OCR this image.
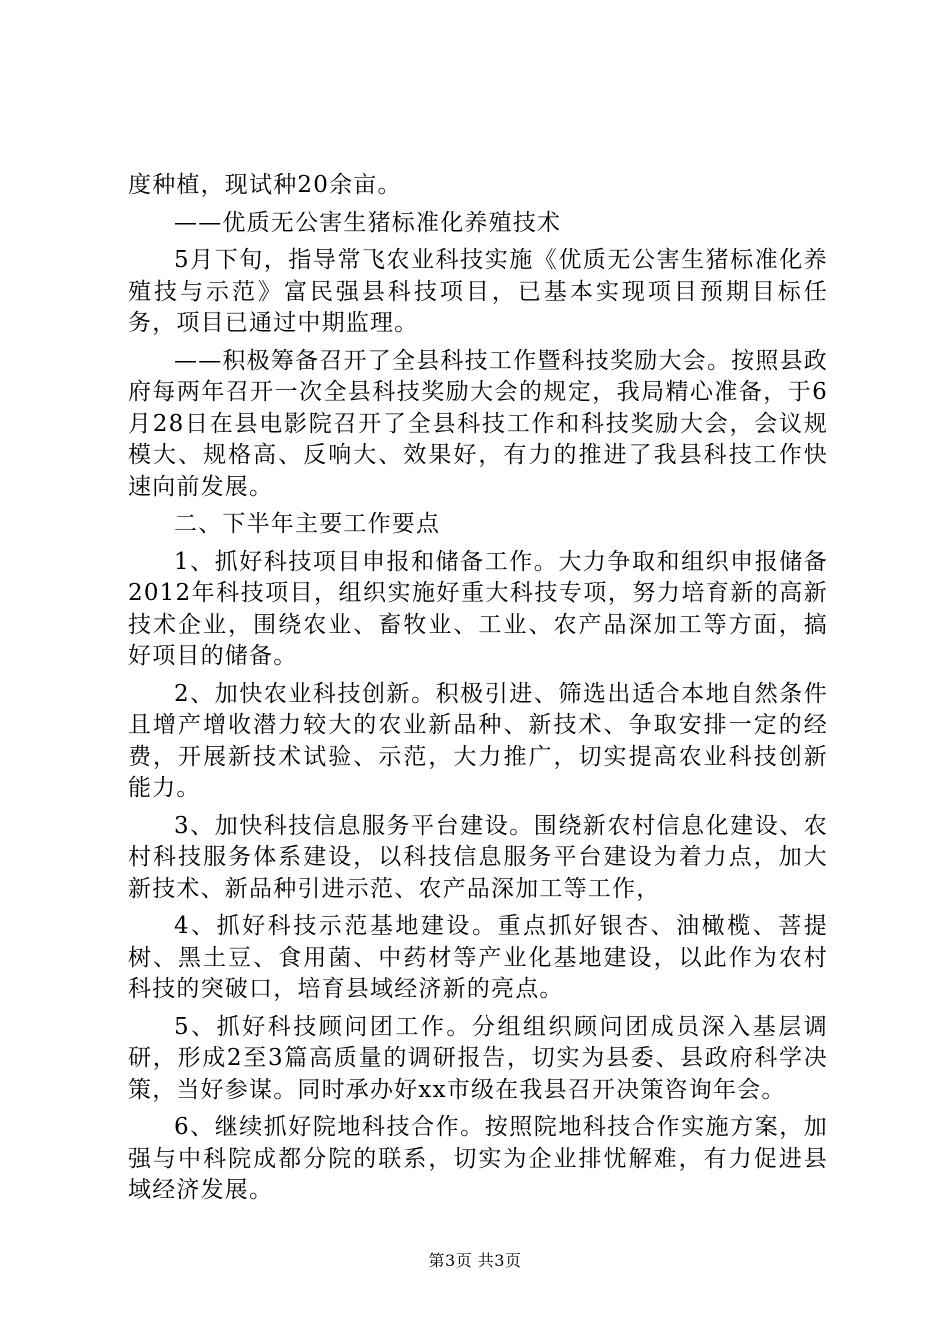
度种植，现试种20余亩。

——优质无公害生猪标准化养殖技术

5月下旬，指导常飞农业科技实施《优质无公害生猪标准化养殖技与示范》富民强县科技项目，已基本实现项目预期目标任务，项目已通过中期监理。

——积极筹备召开了全县科技工作暨科技奖励大会。按照县政府每两年召开一次全县科技奖励大会的规定，我局精心准备，于6月28日在县电影院召开了全县科技工作和科技奖励大会，会议规模大、规格高、反响大、效果好，有力的推进了我县科技工作快速向前发展。

二、下半年主要工作要点

1、抓好科技项目申报和储备工作。大力争取和组织申报储备2012年科技项目，组织实施好重大科技专项，努力培育新的高新技术企业，围绕农业、畜牧业、工业、农产品深加工等方面，搞好项目的储备。

2、加快农业科技创新。积极引进、筛选出适合本地自然条件且增产增收潜力较大的农业新品种、新技术、争取安排一定的经费，开展新技术试验、示范，大力推广，切实提高农业科技创新能力。

3、加快科技信息服务平台建设。围绕新农村信息化建设、农村科技服务体系建设，以科技信息服务平台建设为着力点，加大新技术、新品种引进示范、农产品深加工等工作，

4、抓好科技示范基地建设。重点抓好银杏、油橄榄、菩提树、黑土豆、食用菌、中药材等产业化基地建设，以此作为农村科技的突破口，培育县域经济新的亮点。

5、抓好科技顾问团工作。分组组织顾问团成员深入基层调研，形成2至3篇高质量的调研报告，切实为县委、县政府科学决策，当好参谋。同时承办好xx市级在我县召开决策咨询年会。

6、继续抓好院地科技合作。按照院地科技合作实施方案，加强与中科院成都分院的联系，切实为企业排忧解难，有力促进县域经济发展。

第3页 共3页
